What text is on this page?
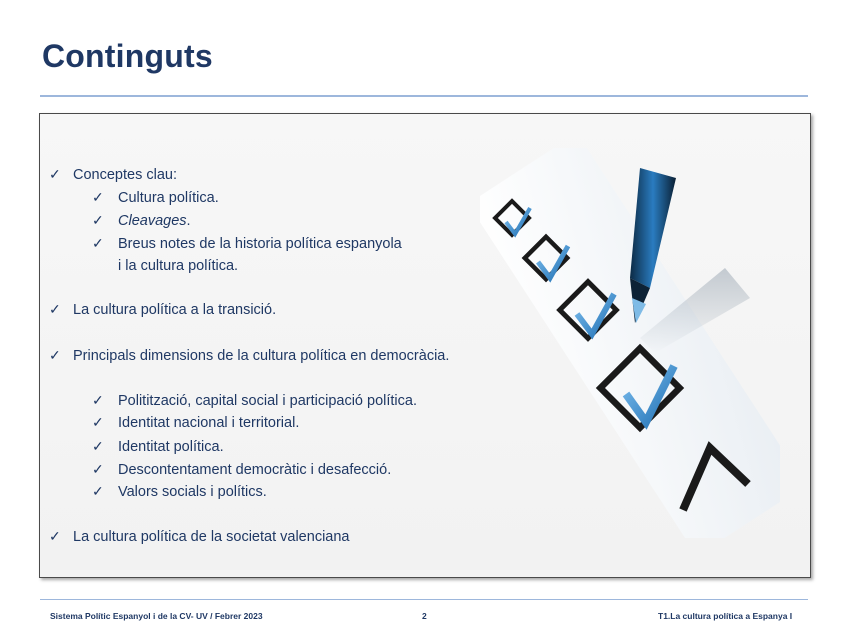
Continguts
✓ Conceptes clau:
✓ Cultura política.
✓ Cleavages.
✓ Breus notes de la historia política espanyola
i la cultura política.
✓ La cultura política a la transició.
✓ Principals dimensions de la cultura política en democràcia.
✓ Politització, capital social i participació política.
✓ Identitat nacional i territorial.
✓ Identitat política.
✓ Descontentament democràtic i desafecció.
✓ Valors socials i polítics.
✓ La cultura política de la societat valenciana
Sistema Polític Espanyol i de la CV- UV / Febrer 2023	2	T1.La cultura política a Espanya I
